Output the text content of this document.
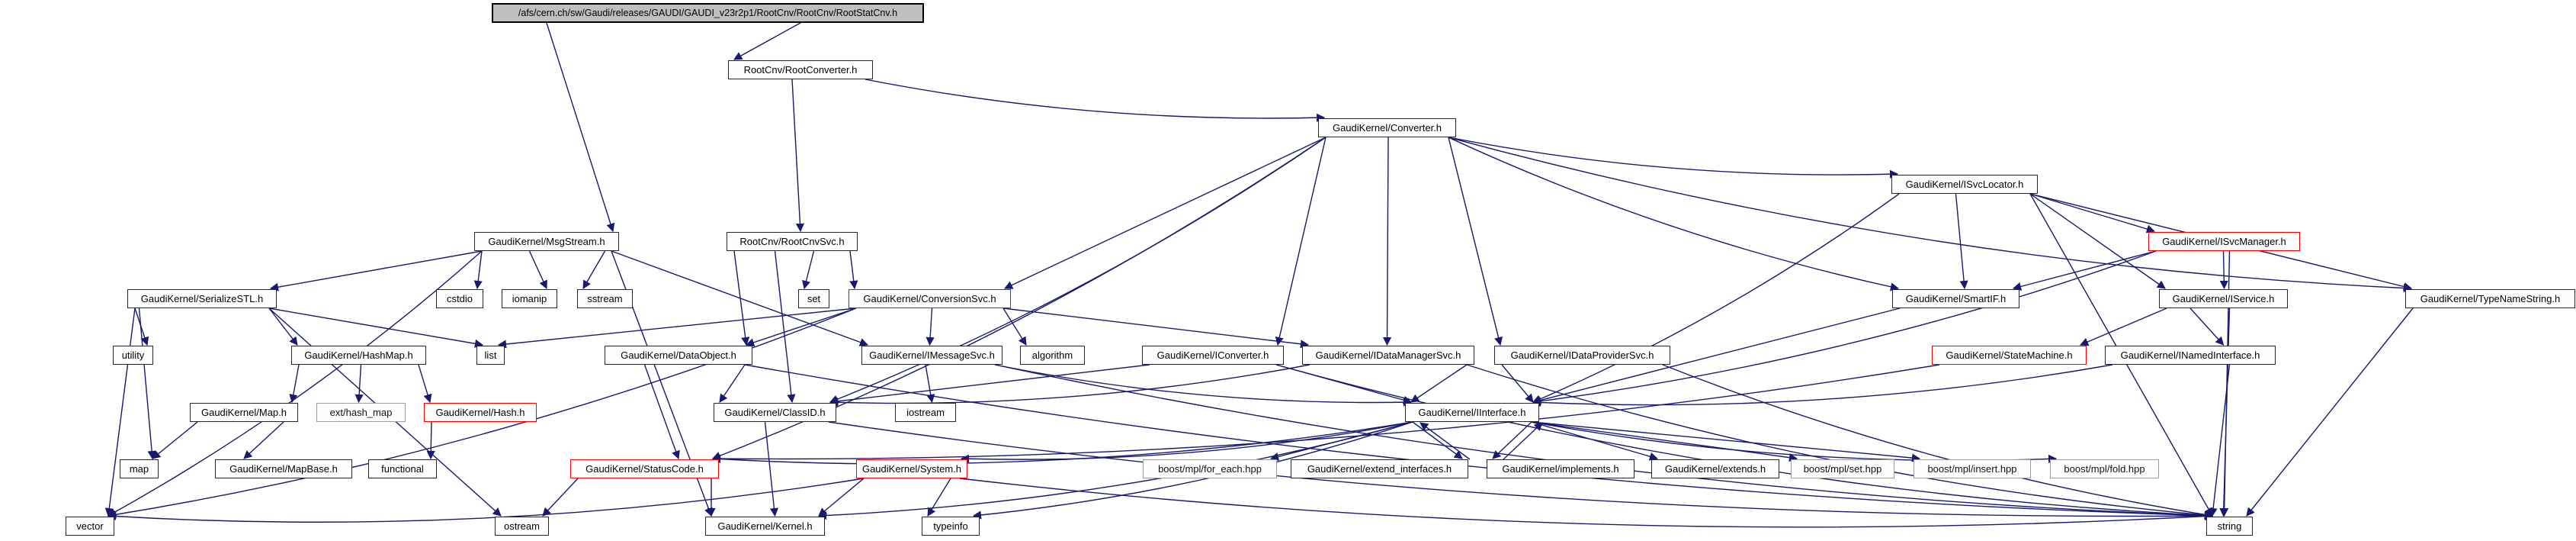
/afs/cern.ch/sw/Gaudi/releases/GAUDI/GAUDI_v23r2p1/RootCnv/RootCnv/RootStatCnv.h
RootCnv/RootConverter.h
GaudiKernel/Converter.h
GaudiKernel/ISvcLocator.h
GaudiKernel/MsgStream.h	RootCnv/RootCnvSvc.h	GaudiKernel/ISvcManager.h
GaudiKernel/SerializeSTL.h	cstdio	iomanip	sstream	set	GaudiKernel/ConversionSvc.h	GaudiKernel/SmartIF.h	GaudiKernel/IService.h	GaudiKernel/TypeNameString.h
utility	GaudiKernel/HashMap.h	list	GaudiKernel/DataObject.h	GaudiKernel/IMessageSvc.h	algorithm	GaudiKernel/IConverter.h	GaudiKernel/IDataManagerSvc.h	GaudiKernel/IDataProviderSvc.h	GaudiKernel/StateMachine.h	GaudiKernel/INamedInterface.h
GaudiKernel/Map.h	ext/hash_map	GaudiKernel/Hash.h	GaudiKernel/ClassID.h	iostream	GaudiKernel/IInterface.h
map	GaudiKernel/MapBase.h	functional	GaudiKernel/StatusCode.h	GaudiKernel/System.h	boost/mpl/for_each.hpp	GaudiKernel/extend_interfaces.h	GaudiKernel/implements.h	GaudiKernel/extends.h	boost/mpl/set.hpp	boost/mpl/insert.hpp	boost/mpl/fold.hpp
vector	ostream	GaudiKernel/Kernel.h	typeinfo	string
